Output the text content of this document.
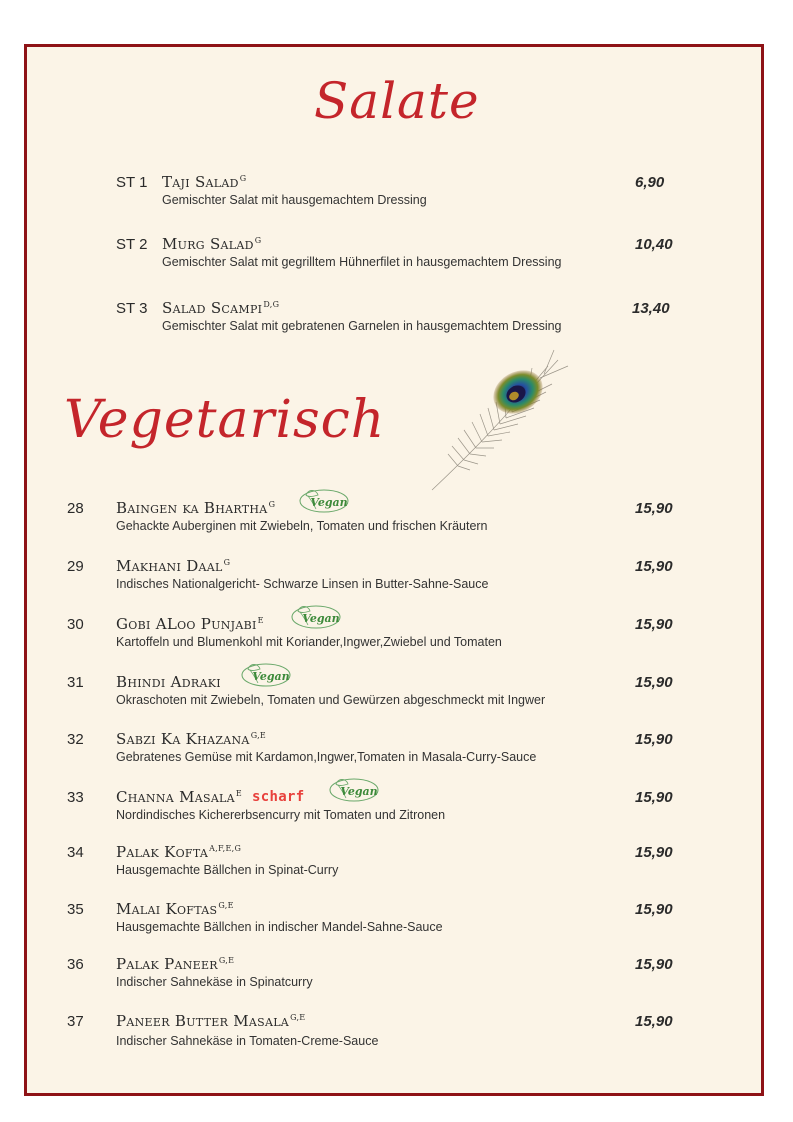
Salate
Vegetarisch
ST 1 Taji Salad$^G$
Gemischter Salat mit hausgemachtem Dressing
6,90
ST 2 Murg Salad$^G$
Gemischter Salat mit gegrilltem Hühnerfilet in hausgemachtem Dressing
10,40
ST 3 Salad Scampi$^{D,G}$
Gemischter Salat mit gebratenen Garnelen in hausgemachtem Dressing
13,40
28 Baingen ka Bhartha$^G$
Gehackte Auberginen mit Zwiebeln, Tomaten und frischen Kräutern
15,90
Vegan
29 Makhani Daal$^G$
Indisches Nationalgericht- Schwarze Linsen in Butter-Sahne-Sauce
15,90
30 Gobi ALoo Punjabi$^E$
Kartoffeln und Blumenkohl mit Koriander,Ingwer,Zwiebel und Tomaten
15,90
Vegan
31 Bhindi Adraki
Okraschoten mit Zwiebeln, Tomaten und Gewürzen abgeschmeckt mit Ingwer
15,90
Vegan
32 Sabzi Ka Khazana$^{G,E}$
Gebratenes Gemüse mit Kardamon,Ingwer,Tomaten in Masala-Curry-Sauce
15,90
33 Channa Masala$^E$ scharf
Nordindisches Kichererbsencurry mit Tomaten und Zitronen
15,90
Vegan
34 Palak Kofta$^{A,F,E,G}$
Hausgemachte Bällchen in Spinat-Curry
15,90
35 Malai Koftas$^{G,E}$
Hausgemachte Bällchen in indischer Mandel-Sahne-Sauce
15,90
36 Palak Paneer$^{G,E}$
Indischer Sahnekäse in Spinatcurry
15,90
37 Paneer Butter Masala$^{G,E}$
Indischer Sahnekäse in Tomaten-Creme-Sauce
15,90
